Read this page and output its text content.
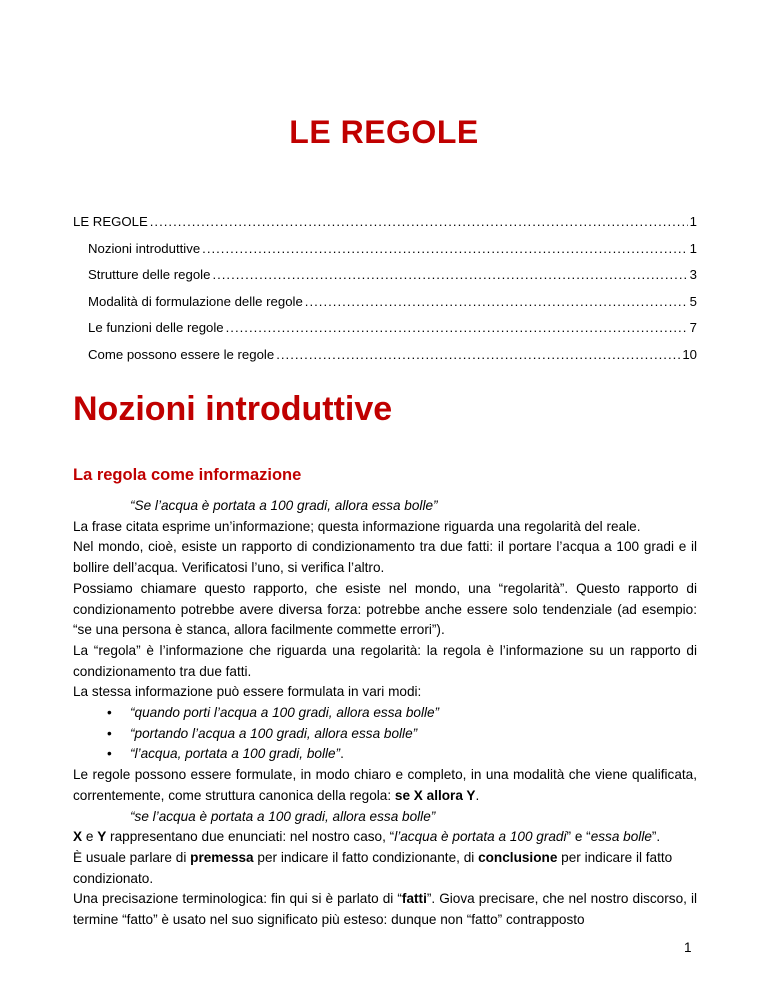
LE REGOLE
LE REGOLE .....	1
Nozioni introduttive .....	1
Strutture delle regole .....	3
Modalità di formulazione delle regole .....	5
Le funzioni delle regole .....	7
Come possono essere le regole .....	10
Nozioni introduttive
La regola come informazione

“Se l’acqua è portata a 100 gradi, allora essa bolle”

La frase citata esprime un’informazione; questa informazione riguarda una regolarità del reale.

Nel mondo, cioè, esiste un rapporto di condizionamento tra due fatti: il portare l’acqua a 100 gradi e il bollire dell’acqua. Verificatosi l’uno, si verifica l’altro.

Possiamo chiamare questo rapporto, che esiste nel mondo, una “regolarità”. Questo rapporto di condizionamento potrebbe avere diversa forza: potrebbe anche essere solo tendenziale (ad esempio: “se una persona è stanca, allora facilmente commette errori”).

La “regola” è l’informazione che riguarda una regolarità: la regola è l’informazione su un rapporto di condizionamento tra due fatti.

La stessa informazione può essere formulata in vari modi:

• “quando porti l’acqua a 100 gradi, allora essa bolle”
• “portando l’acqua a 100 gradi, allora essa bolle”
• “l’acqua, portata a 100 gradi, bolle”.

Le regole possono essere formulate, in modo chiaro e completo, in una modalità che viene qualificata, correntemente, come struttura canonica della regola: se X allora Y.

“se l’acqua è portata a 100 gradi, allora essa bolle”

X e Y rappresentano due enunciati: nel nostro caso, “l’acqua è portata a 100 gradi” e “essa bolle”.

È usuale parlare di premessa per indicare il fatto condizionante, di conclusione per indicare il fatto condizionato.

Una precisazione terminologica: fin qui si è parlato di “fatti”. Giova precisare, che nel nostro discorso, il termine “fatto” è usato nel suo significato più esteso: dunque non “fatto” contrapposto

1
